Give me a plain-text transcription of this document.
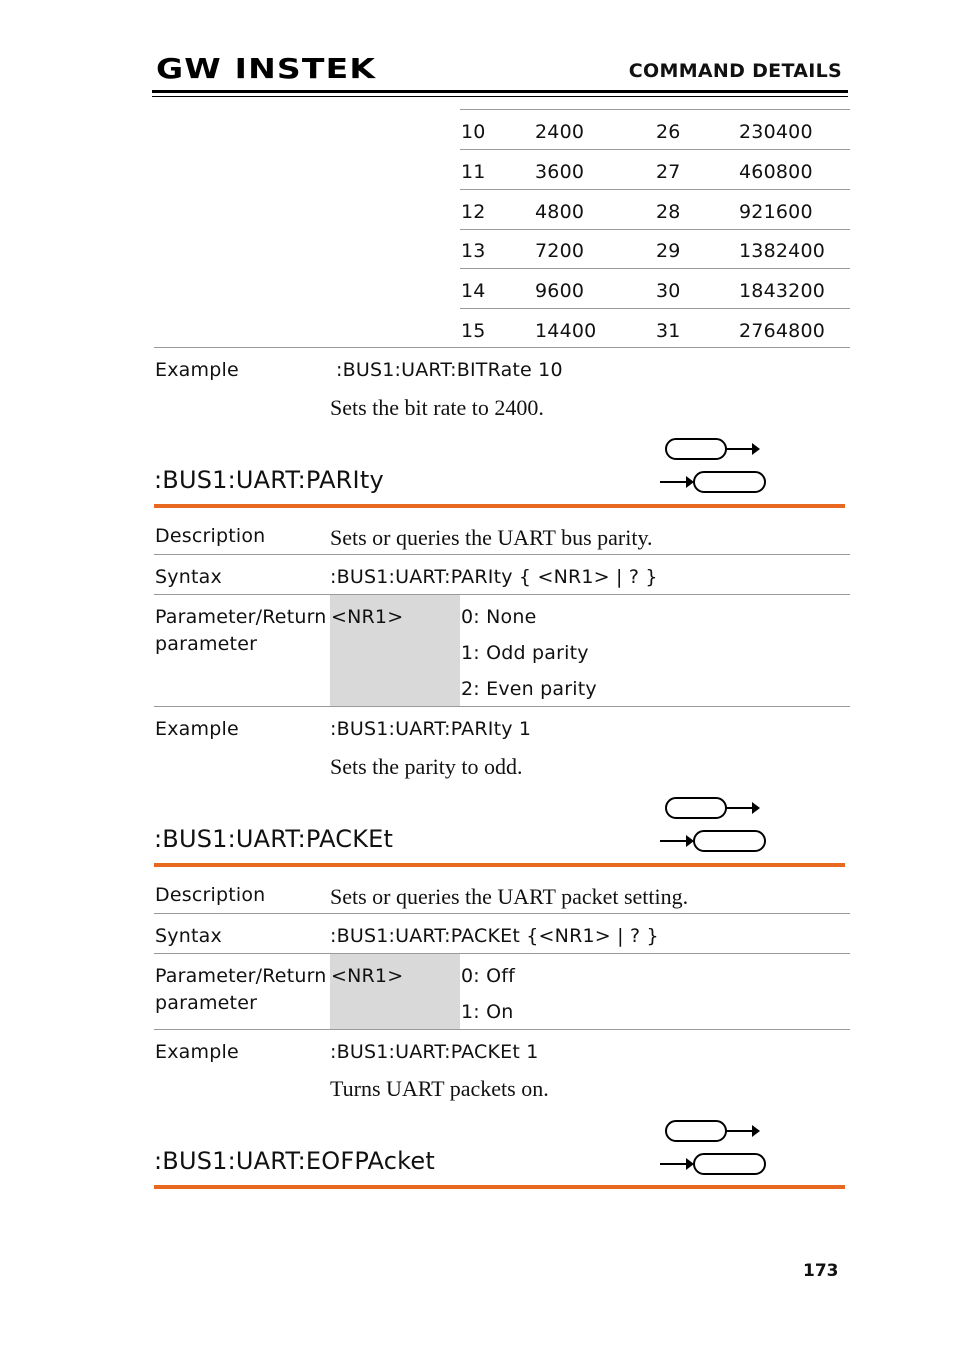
GW INSTEK	COMMAND DETAILS
10	2400	26	230400
11	3600	27	460800
12	4800	28	921600
13	7200	29	1382400
14	9600	30	1843200
15	14400	31	2764800
Example	:BUS1:UART:BITRate 10
Sets the bit rate to 2400.
:BUS1:UART:PARIty
Description	Sets or queries the UART bus parity.
Syntax	:BUS1:UART:PARIty { <NR1> | ? }
Parameter/Return
parameter
<NR1>	0: None
1: Odd parity
2: Even parity
Example	:BUS1:UART:PARIty 1
Sets the parity to odd.
:BUS1:UART:PACKEt
Description	Sets or queries the UART packet setting.
Syntax	:BUS1:UART:PACKEt {<NR1> | ? }
Parameter/Return
parameter
<NR1>	0: Off
1: On
Example	:BUS1:UART:PACKEt 1
Turns UART packets on.
:BUS1:UART:EOFPAcket
173
